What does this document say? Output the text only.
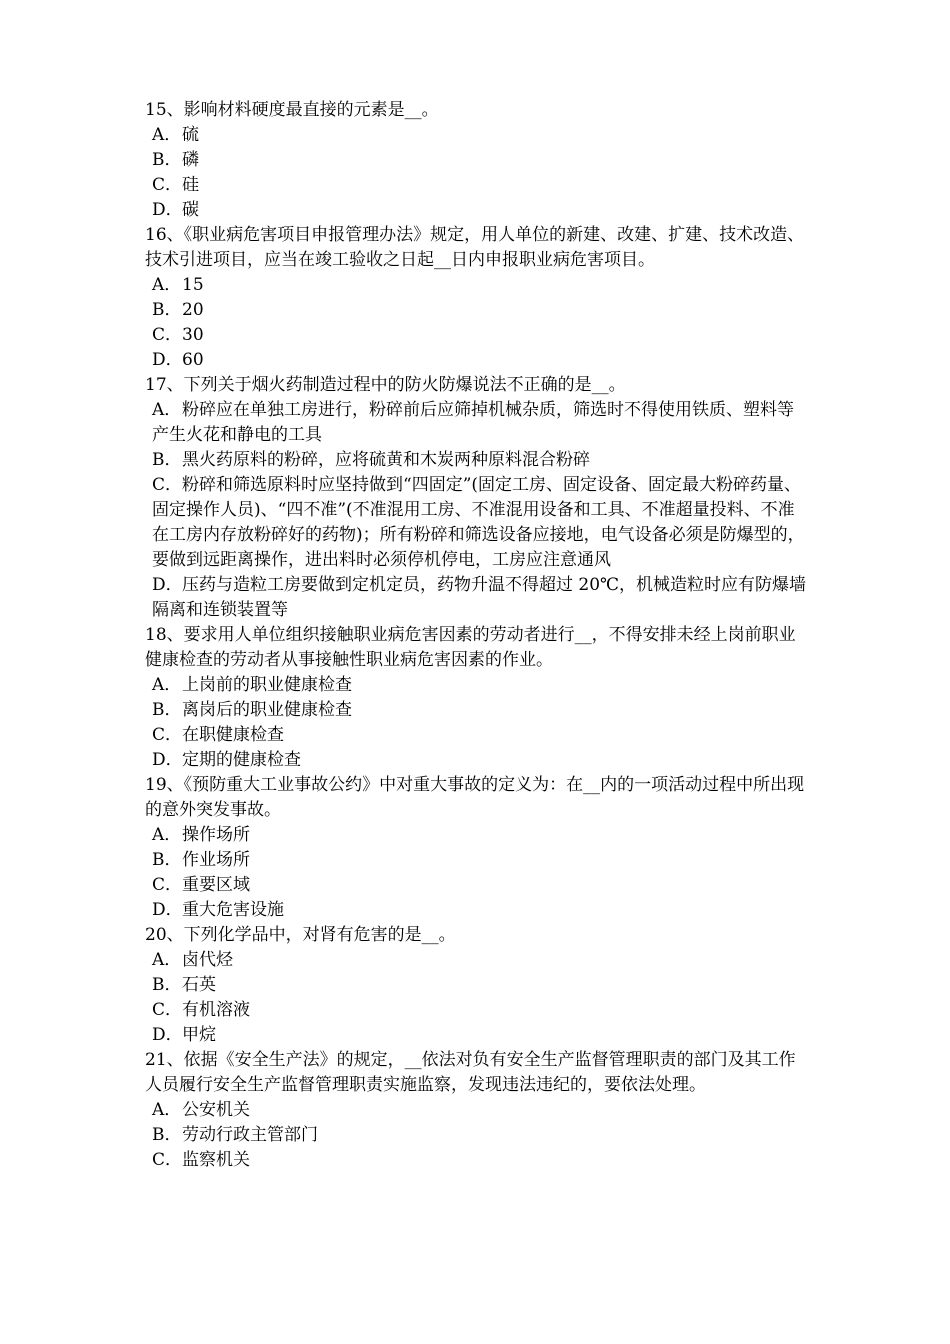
15、影响材料硬度最直接的元素是__。
A．硫
B．磷
C．硅
D．碳
16、《职业病危害项目申报管理办法》规定，用人单位的新建、改建、扩建、技术改造、技术引进项目，应当在竣工验收之日起__日内申报职业病危害项目。
A．15
B．20
C．30
D．60
17、下列关于烟火药制造过程中的防火防爆说法不正确的是__。
A．粉碎应在单独工房进行，粉碎前后应筛掉机械杂质，筛选时不得使用铁质、塑料等产生火花和静电的工具
B．黑火药原料的粉碎，应将硫黄和木炭两种原料混合粉碎
C．粉碎和筛选原料时应坚持做到“四固定”(固定工房、固定设备、固定最大粉碎药量、固定操作人员)、“四不准”(不准混用工房、不准混用设备和工具、不准超量投料、不准在工房内存放粉碎好的药物)；所有粉碎和筛选设备应接地，电气设备必须是防爆型的，要做到远距离操作，进出料时必须停机停电，工房应注意通风
D．压药与造粒工房要做到定机定员，药物升温不得超过 20℃，机械造粒时应有防爆墙隔离和连锁装置等
18、要求用人单位组织接触职业病危害因素的劳动者进行__，不得安排未经上岗前职业健康检查的劳动者从事接触性职业病危害因素的作业。
A．上岗前的职业健康检查
B．离岗后的职业健康检查
C．在职健康检查
D．定期的健康检查
19、《预防重大工业事故公约》中对重大事故的定义为：在__内的一项活动过程中所出现的意外突发事故。
A．操作场所
B．作业场所
C．重要区域
D．重大危害设施
20、下列化学品中，对肾有危害的是__。
A．卤代烃
B．石英
C．有机溶液
D．甲烷
21、依据《安全生产法》的规定，__依法对负有安全生产监督管理职责的部门及其工作人员履行安全生产监督管理职责实施监察，发现违法违纪的，要依法处理。
A．公安机关
B．劳动行政主管部门
C．监察机关
